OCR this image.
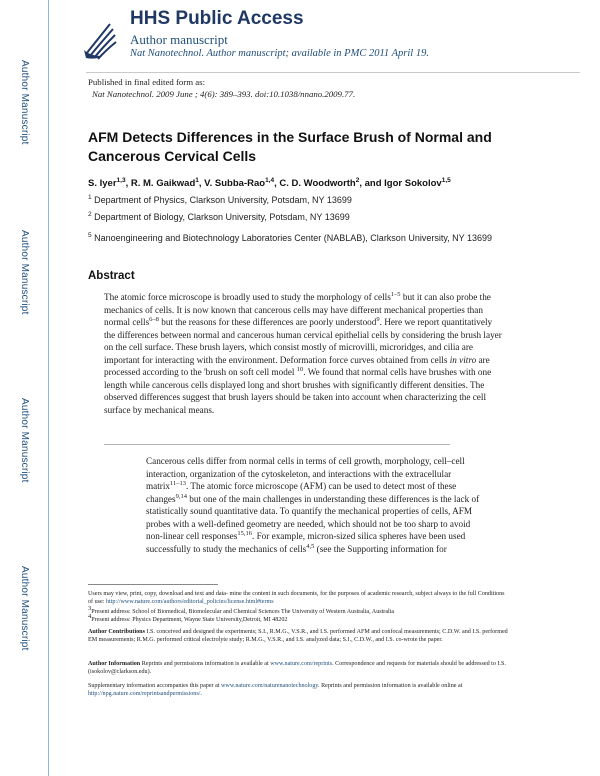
Author Manuscript
Author Manuscript
Author Manuscript
Author Manuscript
HHS Public Access
Author manuscript
Nat Nanotechnol. Author manuscript; available in PMC 2011 April 19.
Published in final edited form as:
Nat Nanotechnol. 2009 June ; 4(6): 389–393. doi:10.1038/nnano.2009.77.
AFM Detects Differences in the Surface Brush of Normal and Cancerous Cervical Cells
S. Iyer$^{1,3}$, R. M. Gaikwad$^1$, V. Subba-Rao$^{1,4}$, C. D. Woodworth$^2$, and Igor Sokolov$^{1,5}$
$^1$ Department of Physics, Clarkson University, Potsdam, NY 13699
$^2$ Department of Biology, Clarkson University, Potsdam, NY 13699
$^5$ Nanoengineering and Biotechnology Laboratories Center (NABLAB), Clarkson University, NY 13699
Abstract
The atomic force microscope is broadly used to study the morphology of cells$^{1-5}$ but it can also probe the mechanics of cells. It is now known that cancerous cells may have different mechanical properties than normal cells$^{6-8}$ but the reasons for these differences are poorly understood$^9$. Here we report quantitatively the differences between normal and cancerous human cervical epithelial cells by considering the brush layer on the cell surface. These brush layers, which consist mostly of microvilli, microridges, and cilia are important for interacting with the environment. Deformation force curves obtained from cells in vitro are processed according to the 'brush on soft cell model $^{10}$. We found that normal cells have brushes with one length while cancerous cells displayed long and short brushes with significantly different densities. The observed differences suggest that brush layers should be taken into account when characterizing the cell surface by mechanical means.
Cancerous cells differ from normal cells in terms of cell growth, morphology, cell–cell interaction, organization of the cytoskeleton, and interactions with the extracellular matrix$^{11-13}$. The atomic force microscope (AFM) can be used to detect most of these changes$^{9,14}$ but one of the main challenges in understanding these differences is the lack of statistically sound quantitative data. To quantify the mechanical properties of cells, AFM probes with a well-defined geometry are needed, which should not be too sharp to avoid non-linear cell responses$^{15,16}$. For example, micron-sized silica spheres have been used successfully to study the mechanics of cells$^{4,5}$ (see the Supporting information for
Users may view, print, copy, download and text and data- mine the content in such documents, for the purposes of academic research, subject always to the full Conditions of use: http://www.nature.com/authors/editorial_policies/license.html#terms
$^3$Present address: School of Biomedical, Biomolecular and Chemical Sciences The University of Western Australia, Australia
$^4$Present address: Physics Department, Wayne State University,Detroit, MI 48202
Author Contributions I.S. conceived and designed the experiments; S.I., R.M.G., V.S.R., and I.S. performed AFM and confocal measurements; C.D.W. and I.S. performed EM measurements; R.M.G. performed critical electrolyte study; R.M.G., V.S.R., and I.S. analyzed data; S.I., C.D.W., and I.S. co-wrote the paper.
Author Information Reprints and permissions information is available at www.nature.com/reprints. Correspondence and requests for materials should be addressed to I.S. (isokolov@clarkson.edu).
Supplementary information accompanies this paper at www.nature.com/naturenanotechnology. Reprints and permission information is available online at http://npg.nature.com/reprintsandpermissions/.
